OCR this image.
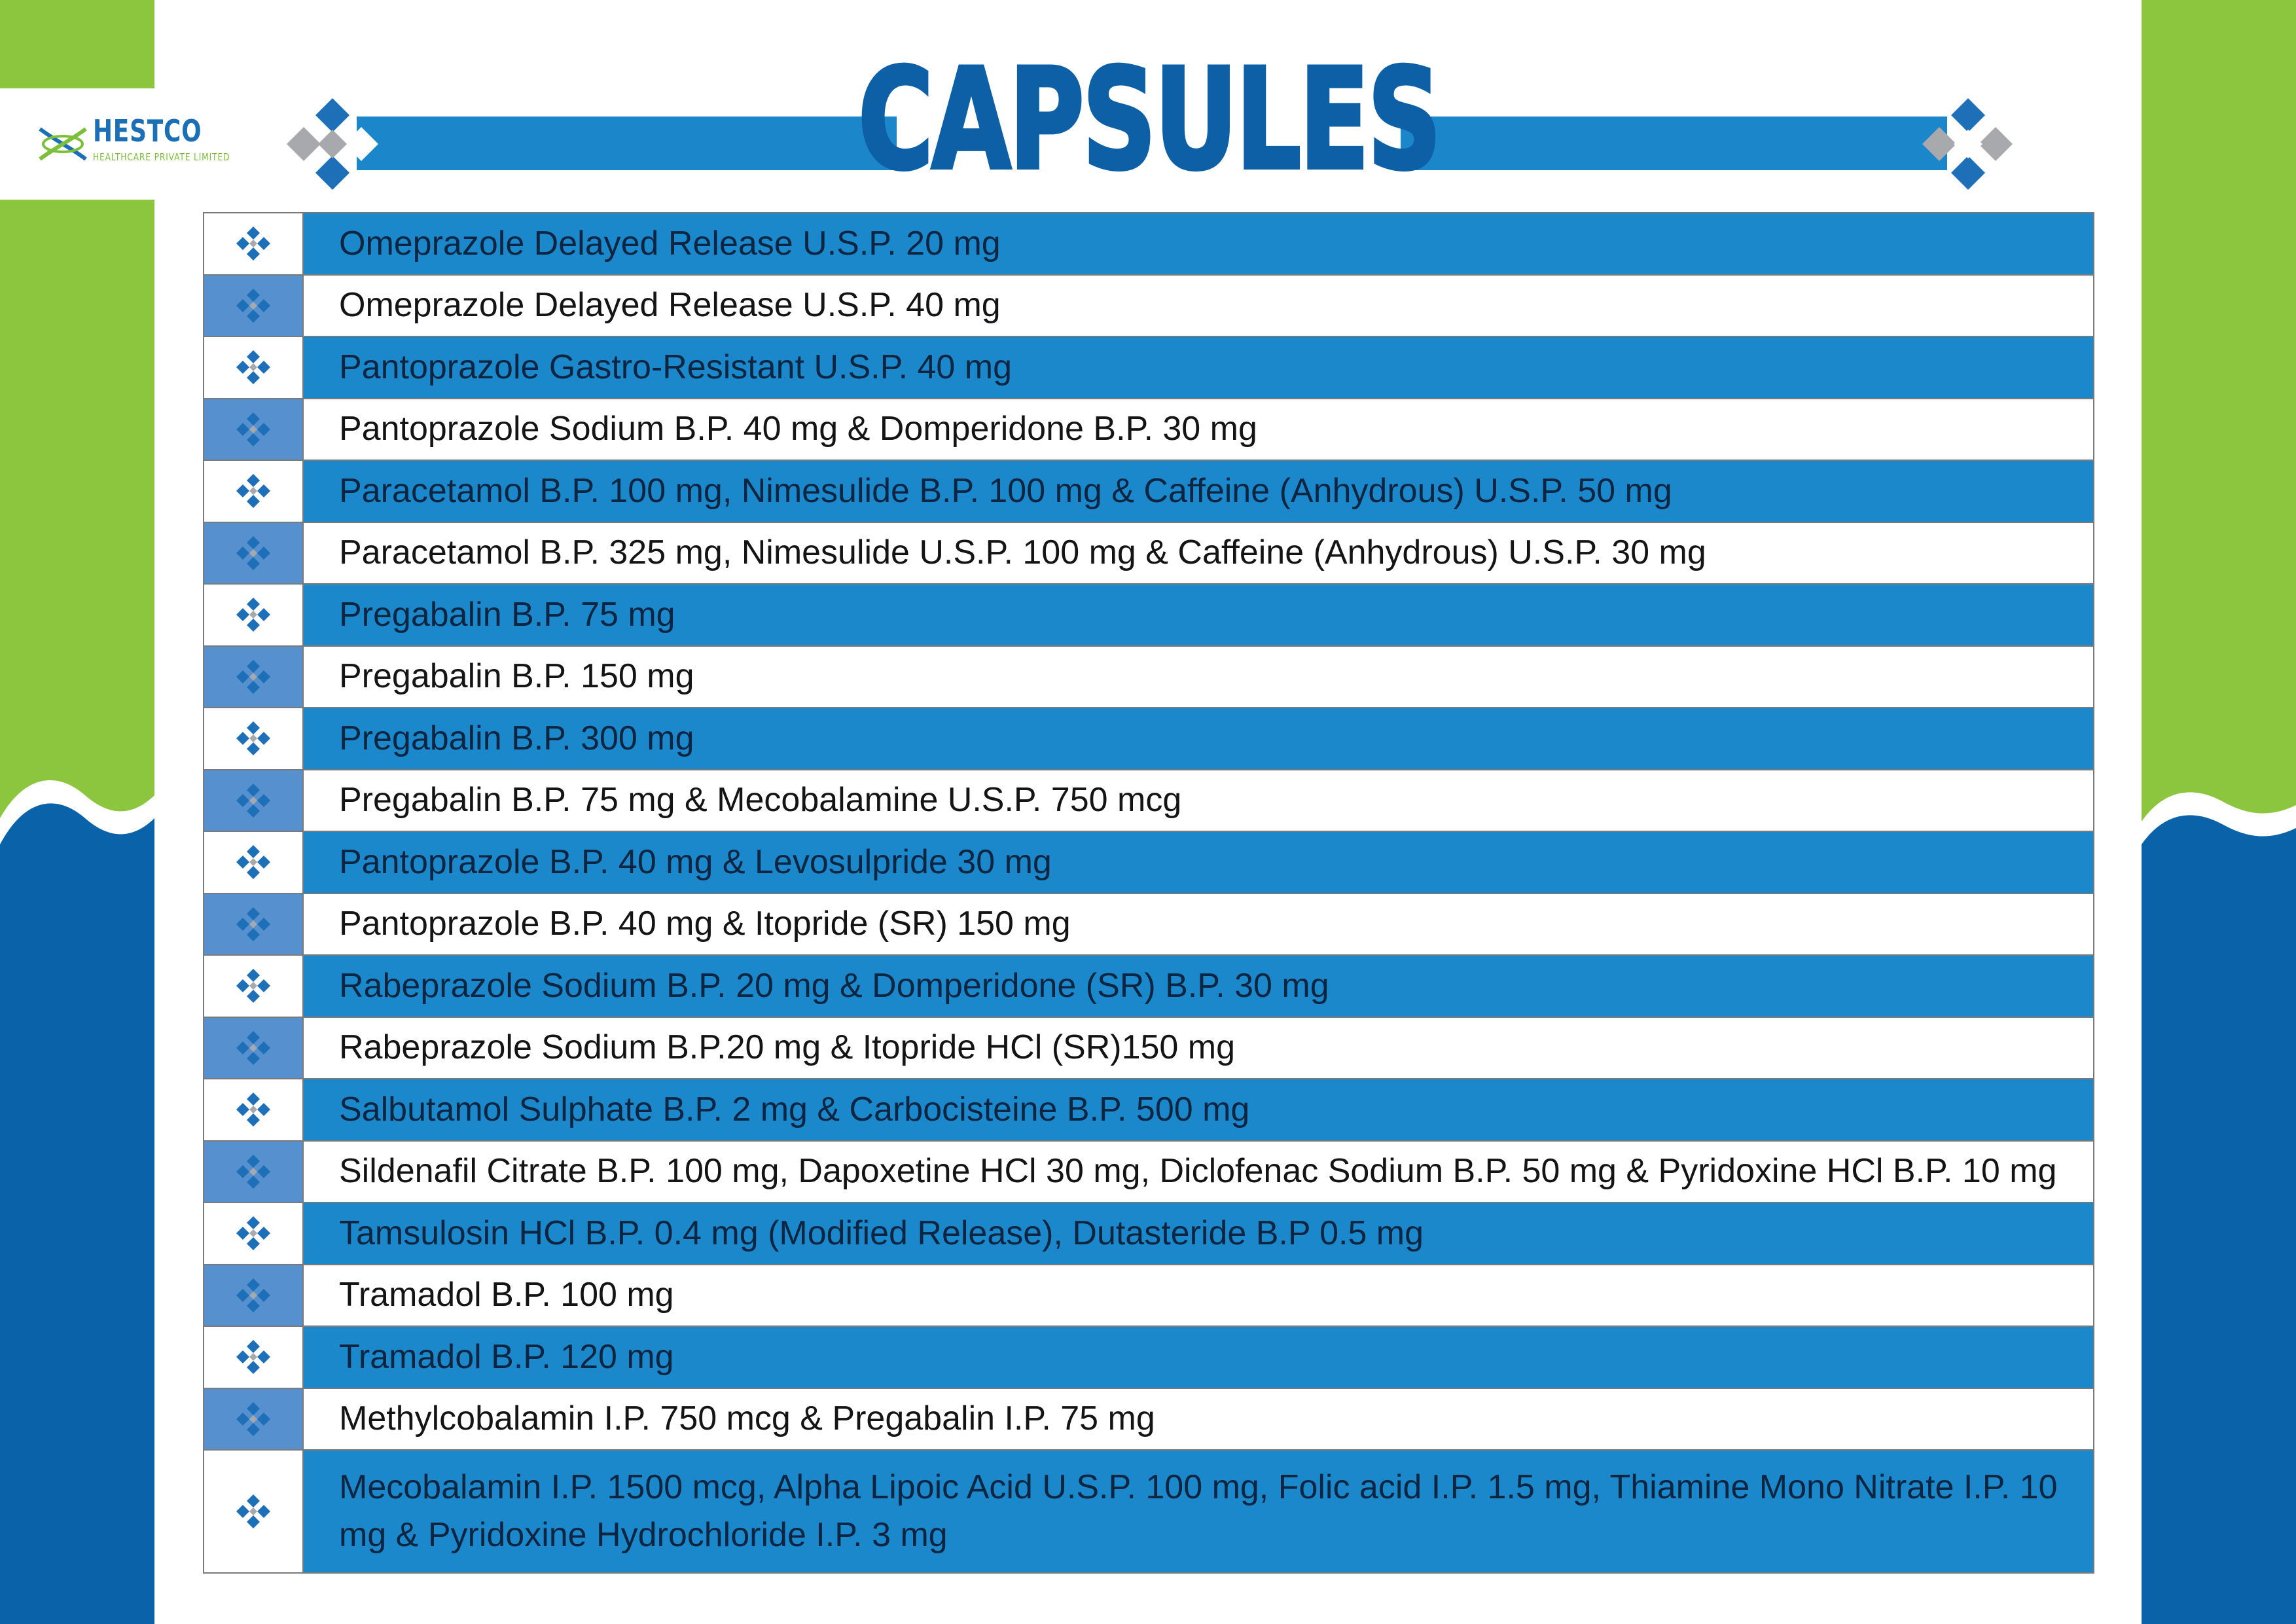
HESTCO
HEALTHCARE PRIVATE LIMITED	CAPSULES
Omeprazole Delayed Release U.S.P. 20 mg
Omeprazole Delayed Release U.S.P. 40 mg
Pantoprazole Gastro-Resistant U.S.P. 40 mg
Pantoprazole Sodium B.P. 40 mg & Domperidone B.P. 30 mg
Paracetamol B.P. 100 mg, Nimesulide B.P. 100 mg & Caffeine (Anhydrous) U.S.P. 50 mg
Paracetamol B.P. 325 mg, Nimesulide U.S.P. 100 mg & Caffeine (Anhydrous) U.S.P. 30 mg
Pregabalin B.P. 75 mg
Pregabalin B.P. 150 mg
Pregabalin B.P. 300 mg
Pregabalin B.P. 75 mg & Mecobalamine U.S.P. 750 mcg
Pantoprazole B.P. 40 mg & Levosulpride 30 mg
Pantoprazole B.P. 40 mg & Itopride (SR) 150 mg
Rabeprazole Sodium B.P. 20 mg & Domperidone (SR) B.P. 30 mg
Rabeprazole Sodium B.P.20 mg & Itopride HCl (SR)150 mg
Salbutamol Sulphate B.P. 2 mg & Carbocisteine B.P. 500 mg
Sildenafil Citrate B.P. 100 mg, Dapoxetine HCl 30 mg, Diclofenac Sodium B.P. 50 mg & Pyridoxine HCl B.P. 10 mg
Tamsulosin HCl B.P. 0.4 mg (Modified Release), Dutasteride B.P 0.5 mg
Tramadol B.P. 100 mg
Tramadol B.P. 120 mg
Methylcobalamin I.P. 750 mcg & Pregabalin I.P. 75 mg
Mecobalamin I.P. 1500 mcg, Alpha Lipoic Acid U.S.P. 100 mg, Folic acid I.P. 1.5 mg, Thiamine Mono Nitrate I.P. 10 mg & Pyridoxine Hydrochloride I.P. 3 mg
